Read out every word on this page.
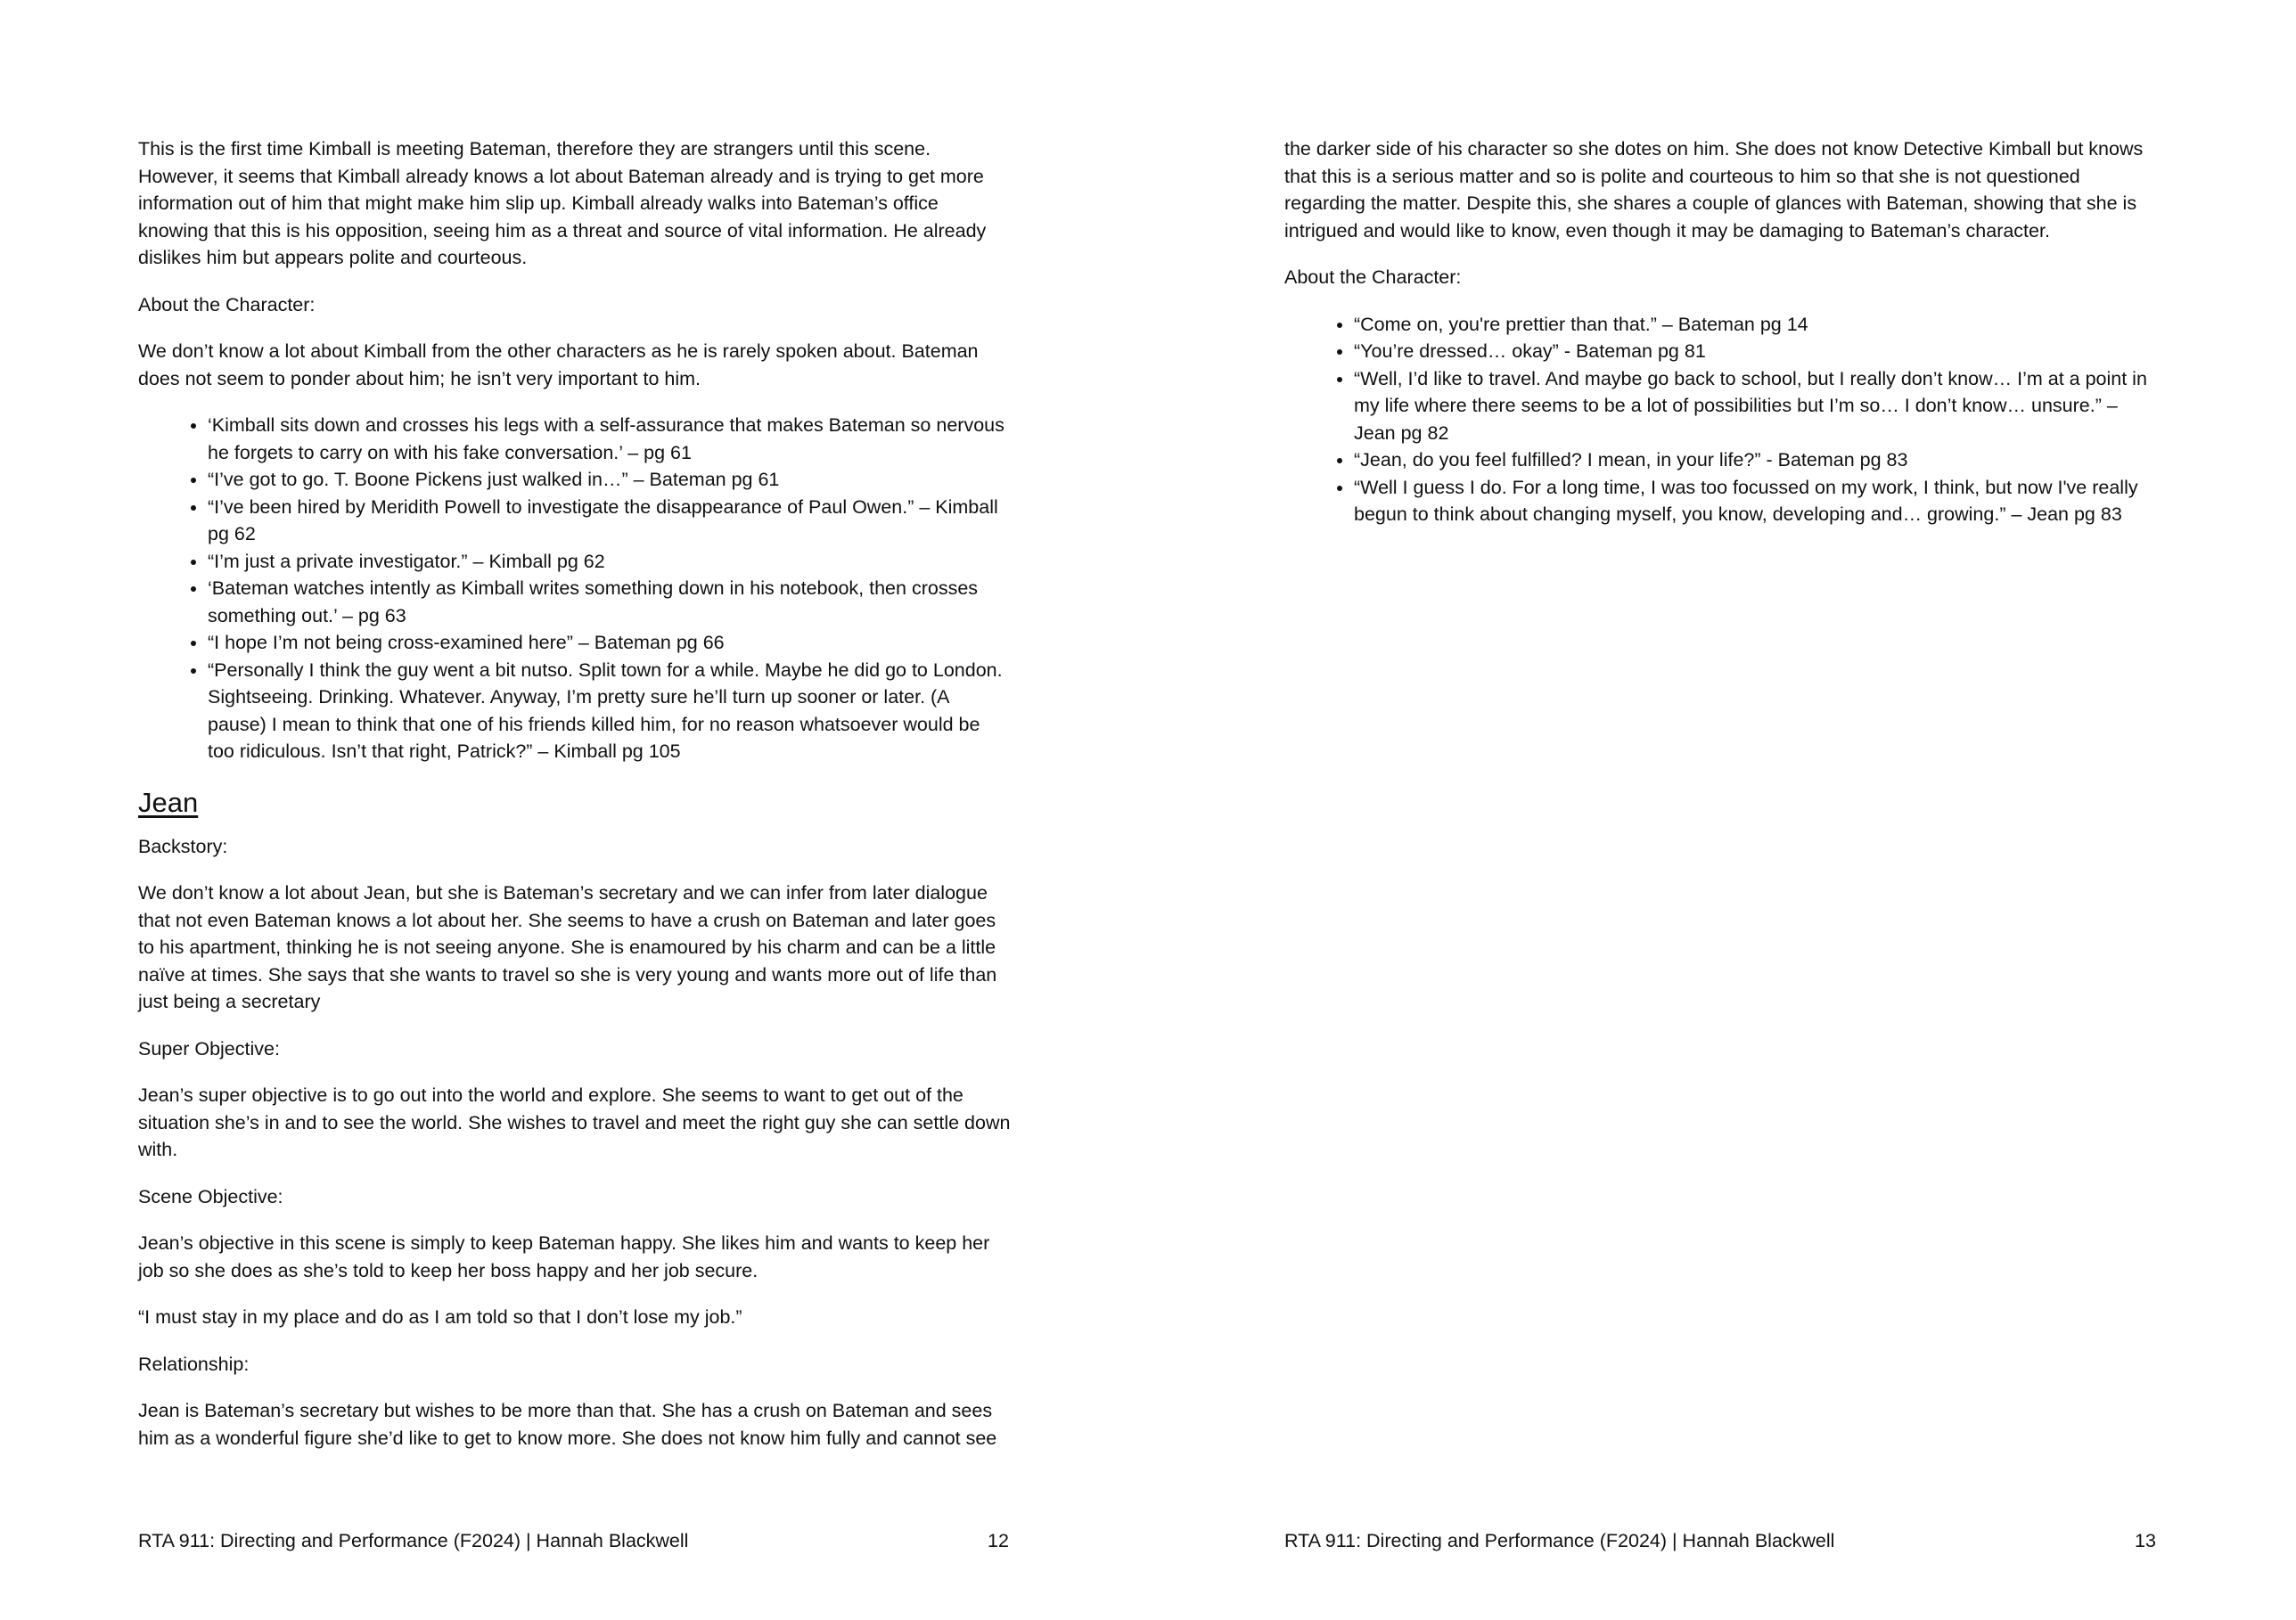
This is the first time Kimball is meeting Bateman, therefore they are strangers until this scene. However, it seems that Kimball already knows a lot about Bateman already and is trying to get more information out of him that might make him slip up. Kimball already walks into Bateman’s office knowing that this is his opposition, seeing him as a threat and source of vital information. He already dislikes him but appears polite and courteous.

About the Character:

We don’t know a lot about Kimball from the other characters as he is rarely spoken about. Bateman does not seem to ponder about him; he isn’t very important to him.

• ‘Kimball sits down and crosses his legs with a self-assurance that makes Bateman so nervous he forgets to carry on with his fake conversation.’ – pg 61
• “I’ve got to go. T. Boone Pickens just walked in…” – Bateman pg 61
• “I’ve been hired by Meridith Powell to investigate the disappearance of Paul Owen.” – Kimball pg 62
• “I’m just a private investigator.” – Kimball pg 62
• ‘Bateman watches intently as Kimball writes something down in his notebook, then crosses something out.’ – pg 63
• “I hope I’m not being cross-examined here” – Bateman pg 66
• “Personally I think the guy went a bit nutso. Split town for a while. Maybe he did go to London. Sightseeing. Drinking. Whatever. Anyway, I’m pretty sure he’ll turn up sooner or later. (A pause) I mean to think that one of his friends killed him, for no reason whatsoever would be too ridiculous. Isn’t that right, Patrick?” – Kimball pg 105
Jean

Backstory:

We don’t know a lot about Jean, but she is Bateman’s secretary and we can infer from later dialogue that not even Bateman knows a lot about her. She seems to have a crush on Bateman and later goes to his apartment, thinking he is not seeing anyone. She is enamoured by his charm and can be a little naïve at times. She says that she wants to travel so she is very young and wants more out of life than just being a secretary

Super Objective:

Jean’s super objective is to go out into the world and explore. She seems to want to get out of the situation she’s in and to see the world. She wishes to travel and meet the right guy she can settle down with.

Scene Objective:

Jean’s objective in this scene is simply to keep Bateman happy. She likes him and wants to keep her job so she does as she’s told to keep her boss happy and her job secure.

“I must stay in my place and do as I am told so that I don’t lose my job.”

Relationship:

Jean is Bateman’s secretary but wishes to be more than that. She has a crush on Bateman and sees him as a wonderful figure she’d like to get to know more. She does not know him fully and cannot see

RTA 911: Directing and Performance (F2024) | Hannah Blackwell	12

the darker side of his character so she dotes on him. She does not know Detective Kimball but knows that this is a serious matter and so is polite and courteous to him so that she is not questioned regarding the matter. Despite this, she shares a couple of glances with Bateman, showing that she is intrigued and would like to know, even though it may be damaging to Bateman’s character.

About the Character:

• “Come on, you're prettier than that.” – Bateman pg 14
• “You’re dressed… okay” - Bateman pg 81
• “Well, I’d like to travel. And maybe go back to school, but I really don’t know… I’m at a point in my life where there seems to be a lot of possibilities but I’m so… I don’t know… unsure.” – Jean pg 82
• “Jean, do you feel fulfilled? I mean, in your life?” - Bateman pg 83
• “Well I guess I do. For a long time, I was too focussed on my work, I think, but now I've really begun to think about changing myself, you know, developing and… growing.” – Jean pg 83
RTA 911: Directing and Performance (F2024) | Hannah Blackwell	13
